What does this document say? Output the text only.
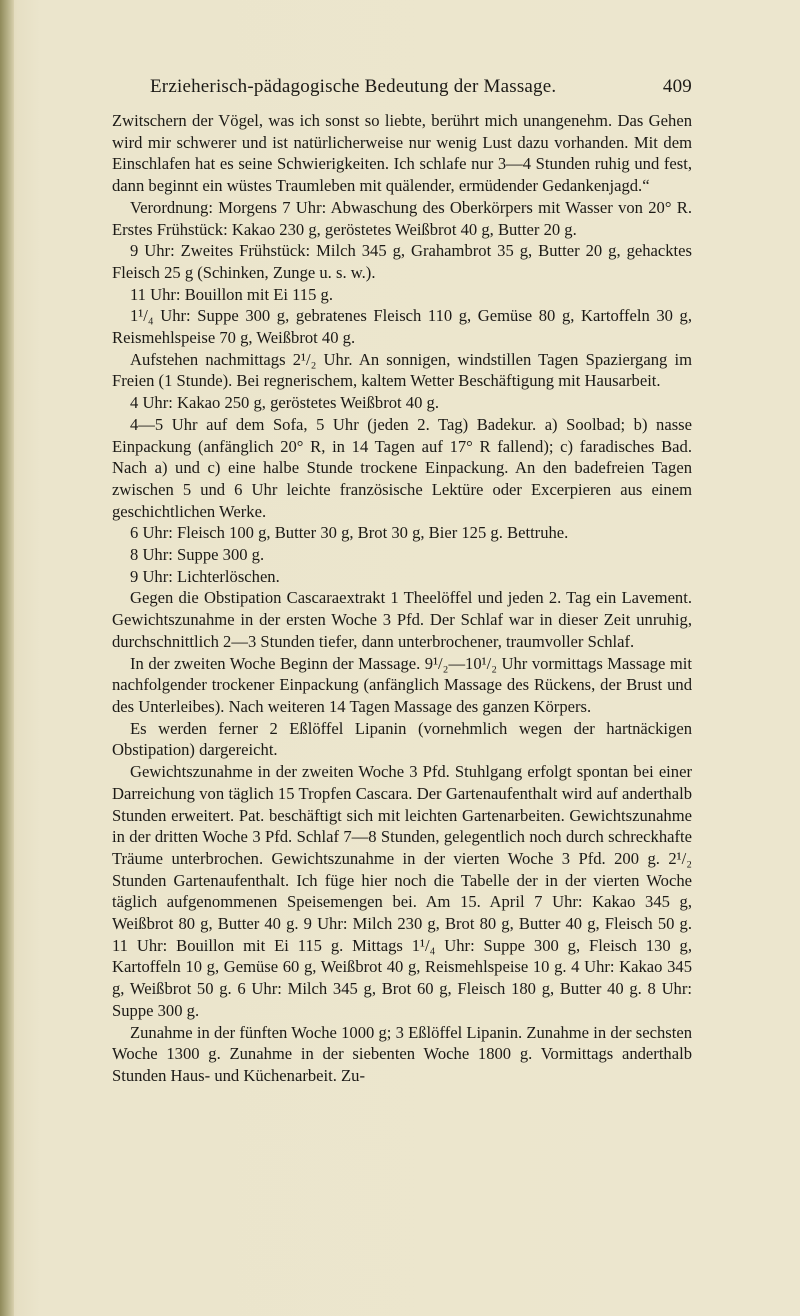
Erzieherisch-pädagogische Bedeutung der Massage.	409

Zwitschern der Vögel, was ich sonst so liebte, berührt mich unangenehm. Das Gehen wird mir schwerer und ist natürlicherweise nur wenig Lust dazu vorhanden. Mit dem Einschlafen hat es seine Schwierigkeiten. Ich schlafe nur 3—4 Stunden ruhig und fest, dann beginnt ein wüstes Traumleben mit quälender, ermüdender Gedankenjagd.“

Verordnung: Morgens 7 Uhr: Abwaschung des Oberkörpers mit Wasser von 20° R. Erstes Frühstück: Kakao 230 g, geröstetes Weißbrot 40 g, Butter 20 g.

9 Uhr: Zweites Frühstück: Milch 345 g, Grahambrot 35 g, Butter 20 g, gehacktes Fleisch 25 g (Schinken, Zunge u. s. w.).

11 Uhr: Bouillon mit Ei 115 g.

1¹/₄ Uhr: Suppe 300 g, gebratenes Fleisch 110 g, Gemüse 80 g, Kartoffeln 30 g, Reismehlspeise 70 g, Weißbrot 40 g.

Aufstehen nachmittags 2¹/₂ Uhr. An sonnigen, windstillen Tagen Spaziergang im Freien (1 Stunde). Bei regnerischem, kaltem Wetter Beschäftigung mit Hausarbeit.

4 Uhr: Kakao 250 g, geröstetes Weißbrot 40 g.

4—5 Uhr auf dem Sofa, 5 Uhr (jeden 2. Tag) Badekur. a) Soolbad; b) nasse Einpackung (anfänglich 20° R, in 14 Tagen auf 17° R fallend); c) faradisches Bad. Nach a) und c) eine halbe Stunde trockene Einpackung. An den badefreien Tagen zwischen 5 und 6 Uhr leichte französische Lektüre oder Excerpieren aus einem geschichtlichen Werke.

6 Uhr: Fleisch 100 g, Butter 30 g, Brot 30 g, Bier 125 g. Bettruhe.

8 Uhr: Suppe 300 g.

9 Uhr: Lichterlöschen.

Gegen die Obstipation Cascaraextrakt 1 Theelöffel und jeden 2. Tag ein Lavement. Gewichtszunahme in der ersten Woche 3 Pfd. Der Schlaf war in dieser Zeit unruhig, durchschnittlich 2—3 Stunden tiefer, dann unterbrochener, traumvoller Schlaf.

In der zweiten Woche Beginn der Massage. 9¹/₂—10¹/₂ Uhr vormittags Massage mit nachfolgender trockener Einpackung (anfänglich Massage des Rückens, der Brust und des Unterleibes). Nach weiteren 14 Tagen Massage des ganzen Körpers.

Es werden ferner 2 Eßlöffel Lipanin (vornehmlich wegen der hartnäckigen Obstipation) dargereicht.

Gewichtszunahme in der zweiten Woche 3 Pfd. Stuhlgang erfolgt spontan bei einer Darreichung von täglich 15 Tropfen Cascara. Der Gartenaufenthalt wird auf anderthalb Stunden erweitert. Pat. beschäftigt sich mit leichten Gartenarbeiten. Gewichtszunahme in der dritten Woche 3 Pfd. Schlaf 7—8 Stunden, gelegentlich noch durch schreckhafte Träume unterbrochen. Gewichtszunahme in der vierten Woche 3 Pfd. 200 g. 2¹/₂ Stunden Gartenaufenthalt. Ich füge hier noch die Tabelle der in der vierten Woche täglich aufgenommenen Speisemengen bei. Am 15. April 7 Uhr: Kakao 345 g, Weißbrot 80 g, Butter 40 g. 9 Uhr: Milch 230 g, Brot 80 g, Butter 40 g, Fleisch 50 g. 11 Uhr: Bouillon mit Ei 115 g. Mittags 1¹/₄ Uhr: Suppe 300 g, Fleisch 130 g, Kartoffeln 10 g, Gemüse 60 g, Weißbrot 40 g, Reismehlspeise 10 g. 4 Uhr: Kakao 345 g, Weißbrot 50 g. 6 Uhr: Milch 345 g, Brot 60 g, Fleisch 180 g, Butter 40 g. 8 Uhr: Suppe 300 g.

Zunahme in der fünften Woche 1000 g; 3 Eßlöffel Lipanin. Zunahme in der sechsten Woche 1300 g. Zunahme in der siebenten Woche 1800 g. Vormittags anderthalb Stunden Haus- und Küchenarbeit. Zu-
